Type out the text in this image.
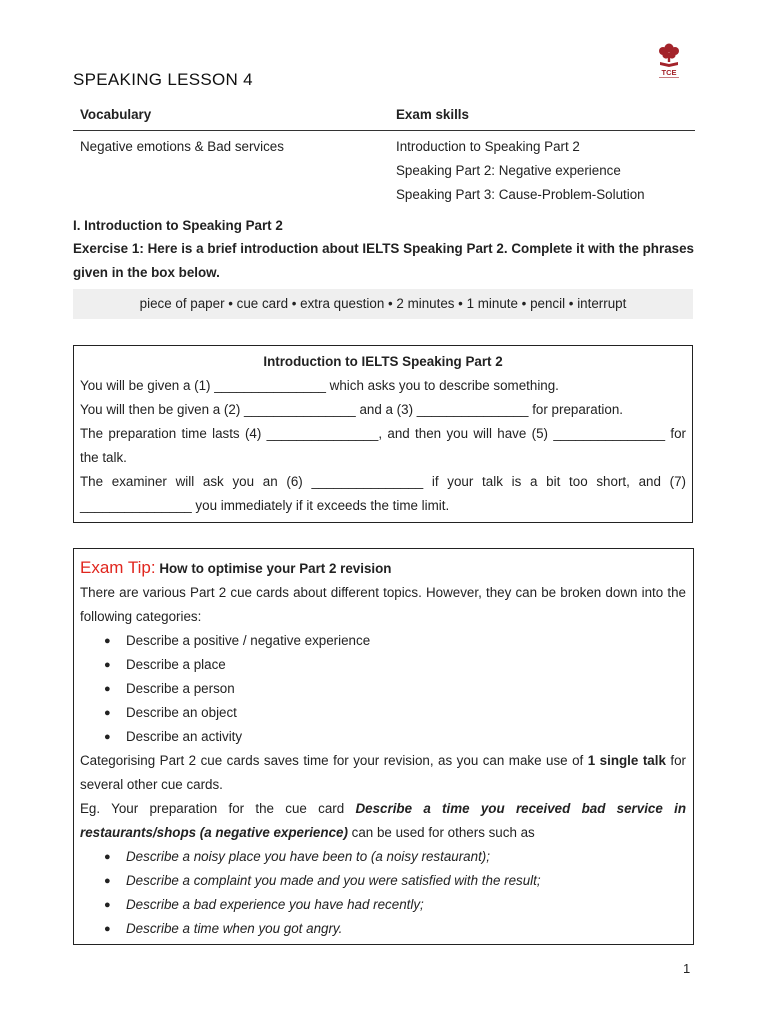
TCE
SPEAKING LESSON 4
Vocabulary	Exam skills
Negative emotions & Bad services	Introduction to Speaking Part 2
Speaking Part 2: Negative experience
Speaking Part 3: Cause-Problem-Solution
I. Introduction to Speaking Part 2
Exercise 1: Here is a brief introduction about IELTS Speaking Part 2. Complete it with the phrases given in the box below.
piece of paper • cue card • extra question • 2 minutes • 1 minute • pencil • interrupt
Introduction to IELTS Speaking Part 2

You will be given a (1) _______________ which asks you to describe something.

You will then be given a (2) _______________ and a (3) _______________ for preparation.

The preparation time lasts (4) _______________, and then you will have (5) _______________ for the talk.

The examiner will ask you an (6) _______________ if your talk is a bit too short, and (7) _______________ you immediately if it exceeds the time limit.

Exam Tip: How to optimise your Part 2 revision

There are various Part 2 cue cards about different topics. However, they can be broken down into the following categories:

● Describe a positive / negative experience
● Describe a place
● Describe a person
● Describe an object
● Describe an activity

Categorising Part 2 cue cards saves time for your revision, as you can make use of 1 single talk for several other cue cards.

Eg. Your preparation for the cue card Describe a time you received bad service in restaurants/shops (a negative experience) can be used for others such as

● Describe a noisy place you have been to (a noisy restaurant);
● Describe a complaint you made and you were satisfied with the result;
● Describe a bad experience you have had recently;
● Describe a time when you got angry.
1
